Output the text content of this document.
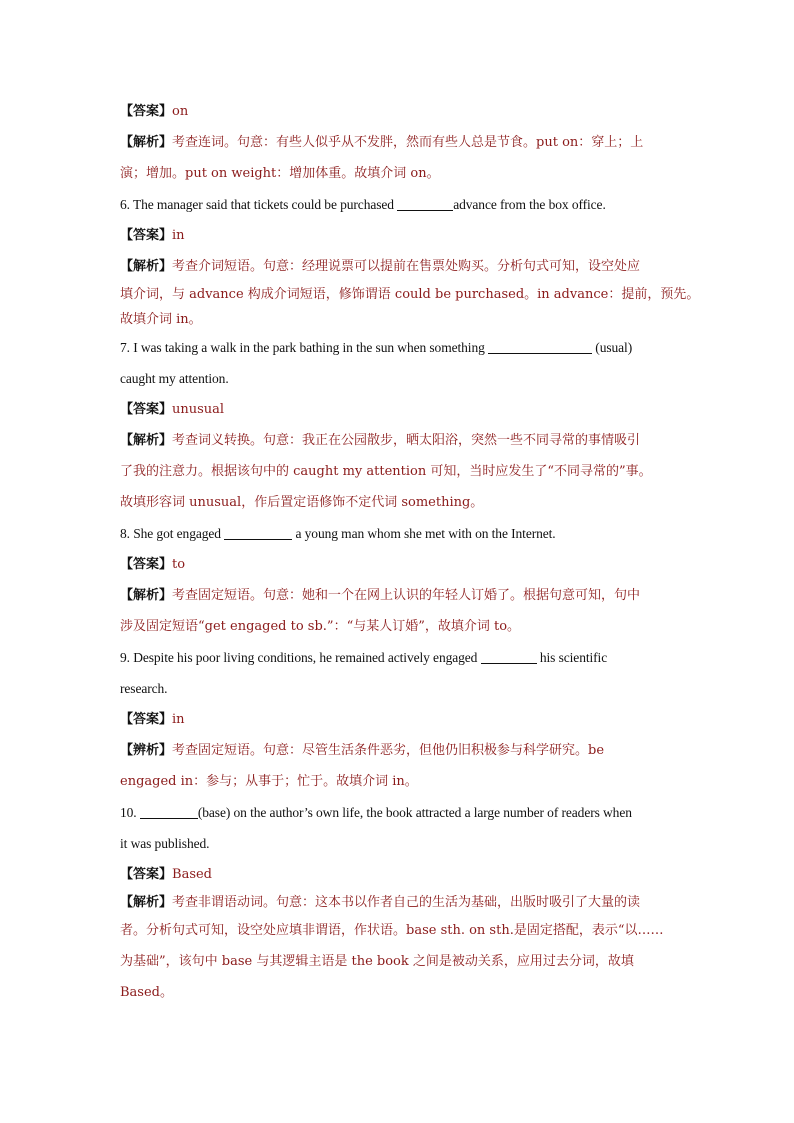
【答案】on
【解析】考查连词。句意：有些人似乎从不发胖，然而有些人总是节食。put on：穿上；上
演；增加。put on weight：增加体重。故填介词 on。
6. The manager said that tickets could be purchased	advance from the box office.
【答案】in
【解析】考查介词短语。句意：经理说票可以提前在售票处购买。分析句式可知，设空处应
填介词，与 advance 构成介词短语，修饰谓语 could be purchased。in advance：提前，预先。
故填介词 in。
7. I was taking a walk in the park bathing in the sun when something	(usual)
caught my attention.
【答案】unusual
【解析】考查词义转换。句意：我正在公园散步，晒太阳浴，突然一些不同寻常的事情吸引
了我的注意力。根据该句中的 caught my attention 可知，当时应发生了“不同寻常的”事。
故填形容词 unusual，作后置定语修饰不定代词 something。
8. She got engaged	a young man whom she met with on the Internet.
【答案】to
【解析】考查固定短语。句意：她和一个在网上认识的年轻人订婚了。根据句意可知，句中
涉及固定短语“get engaged to sb.”：“与某人订婚”，故填介词 to。
9. Despite his poor living conditions, he remained actively engaged	his scientific
research.
【答案】in
【辨析】考查固定短语。句意：尽管生活条件恶劣，但他仍旧积极参与科学研究。be
engaged in：参与；从事于；忙于。故填介词 in。
10.	(base) on the author’s own life, the book attracted a large number of readers when
it was published.
【答案】Based
【解析】考查非谓语动词。句意：这本书以作者自己的生活为基础，出版时吸引了大量的读
者。分析句式可知，设空处应填非谓语，作状语。base sth. on sth.是固定搭配，表示“以……
为基础”，该句中 base 与其逻辑主语是 the book 之间是被动关系，应用过去分词，故填
Based。
